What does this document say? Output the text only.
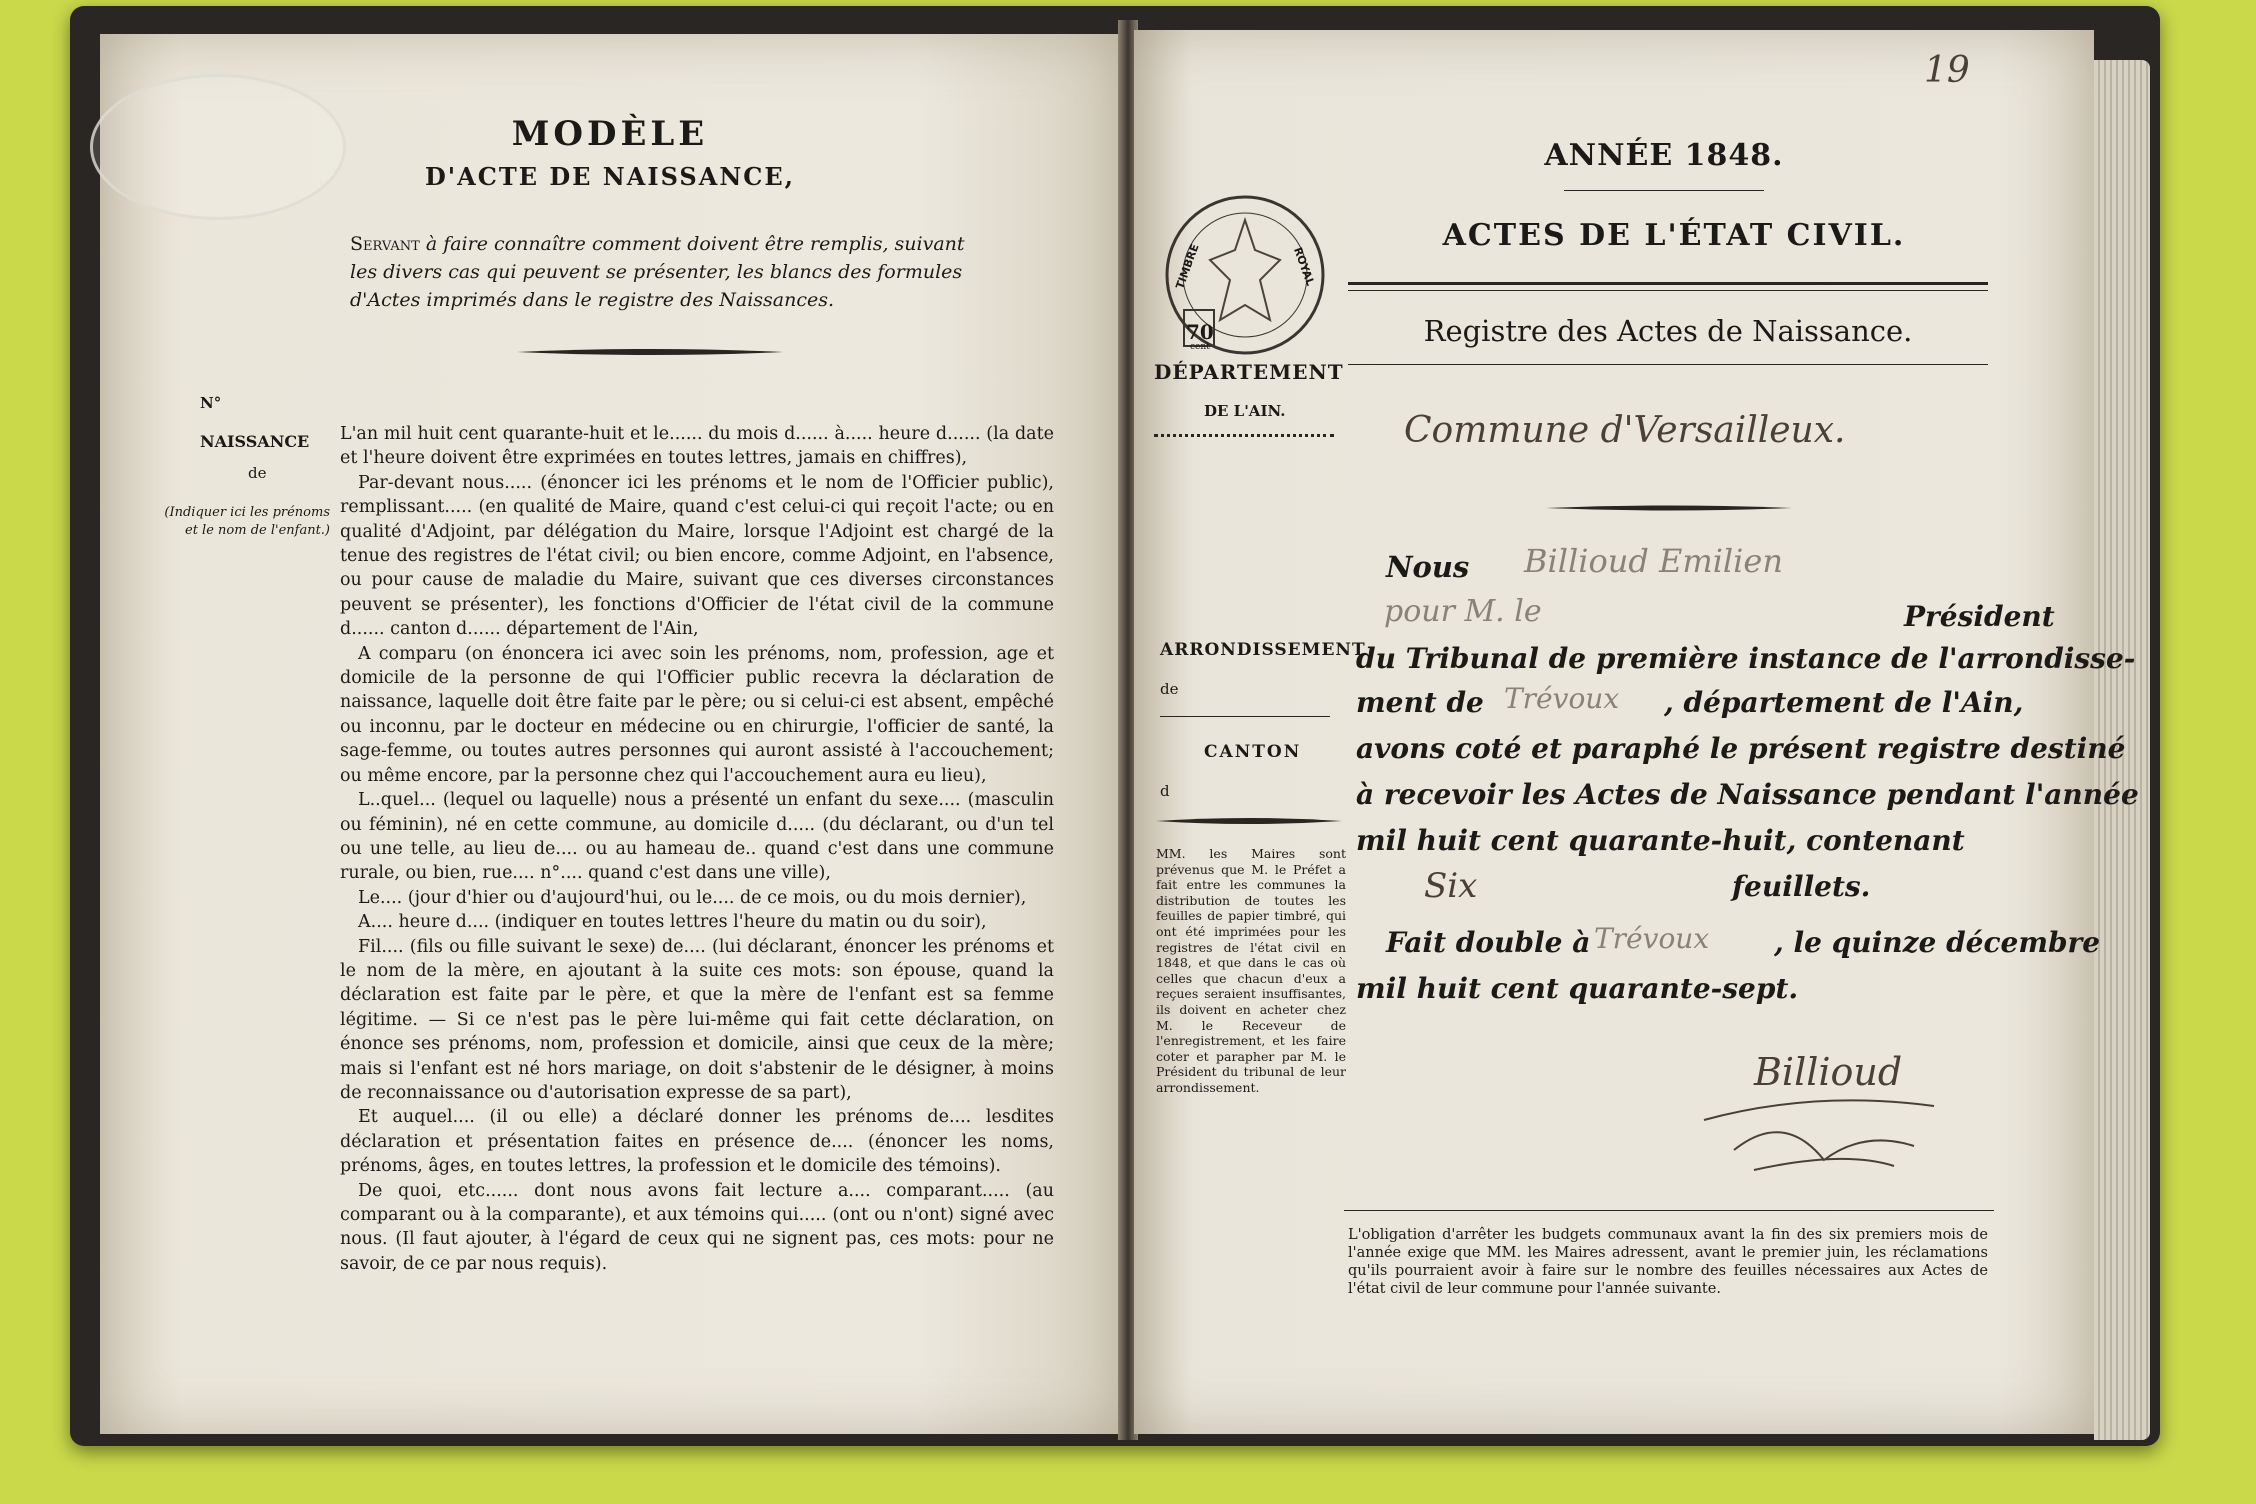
MODÈLE
D'ACTE DE NAISSANCE,
Servant à faire connaître comment doivent être remplis, suivant les divers cas qui peuvent se présenter, les blancs des formules d'Actes imprimés dans le registre des Naissances.
N°
NAISSANCE
de
(Indiquer ici les prénoms et le nom de l'enfant.)

L'an mil huit cent quarante-huit et le...... du mois d...... à..... heure d...... (la date et l'heure doivent être exprimées en toutes lettres, jamais en chiffres),

Par-devant nous..... (énoncer ici les prénoms et le nom de l'Officier public), remplissant..... (en qualité de Maire, quand c'est celui-ci qui reçoit l'acte; ou en qualité d'Adjoint, par délégation du Maire, lorsque l'Adjoint est chargé de la tenue des registres de l'état civil; ou bien encore, comme Adjoint, en l'absence, ou pour cause de maladie du Maire, suivant que ces diverses circonstances peuvent se présenter), les fonctions d'Officier de l'état civil de la commune d...... canton d...... département de l'Ain,

A comparu (on énoncera ici avec soin les prénoms, nom, profession, age et domicile de la personne de qui l'Officier public recevra la déclaration de naissance, laquelle doit être faite par le père; ou si celui-ci est absent, empêché ou inconnu, par le docteur en médecine ou en chirurgie, l'officier de santé, la sage-femme, ou toutes autres personnes qui auront assisté à l'accouchement; ou même encore, par la personne chez qui l'accouchement aura eu lieu),

L..quel... (lequel ou laquelle) nous a présenté un enfant du sexe.... (masculin ou féminin), né en cette commune, au domicile d..... (du déclarant, ou d'un tel ou une telle, au lieu de.... ou au hameau de.. quand c'est dans une commune rurale, ou bien, rue.... n°.... quand c'est dans une ville),

Le.... (jour d'hier ou d'aujourd'hui, ou le.... de ce mois, ou du mois dernier),

A.... heure d.... (indiquer en toutes lettres l'heure du matin ou du soir),

Fil.... (fils ou fille suivant le sexe) de.... (lui déclarant, énoncer les prénoms et le nom de la mère, en ajoutant à la suite ces mots: son épouse, quand la déclaration est faite par le père, et que la mère de l'enfant est sa femme légitime. — Si ce n'est pas le père lui-même qui fait cette déclaration, on énonce ses prénoms, nom, profession et domicile, ainsi que ceux de la mère; mais si l'enfant est né hors mariage, on doit s'abstenir de le désigner, à moins de reconnaissance ou d'autorisation expresse de sa part),

Et auquel.... (il ou elle) a déclaré donner les prénoms de.... lesdites déclaration et présentation faites en présence de.... (énoncer les noms, prénoms, âges, en toutes lettres, la profession et le domicile des témoins).

De quoi, etc...... dont nous avons fait lecture a.... comparant..... (au comparant ou à la comparante), et aux témoins qui..... (ont ou n'ont) signé avec nous. (Il faut ajouter, à l'égard de ceux qui ne signent pas, ces mots: pour ne savoir, de ce par nous requis).

19
ANNÉE 1848.
ACTES DE L'ÉTAT CIVIL.
Registre des Actes de Naissance.
TIMBRE	ROYAL
70
cent
DÉPARTEMENT
DE L'AIN.	Commune d'Versailleux.
Nous Billioud Emilien
pour M. le	Président
ARRONDISSEMENT
de
CANTON
d
du Tribunal de première instance de l'arrondisse-
ment de Trévoux , département de l'Ain,
avons coté et paraphé le présent registre destiné
à recevoir les Actes de Naissance pendant l'année
mil huit cent quarante-huit, contenant
Six	feuillets.
Fait double à Trévoux , le quinze décembre
mil huit cent quarante-sept.
MM. les Maires sont prévenus que M. le Préfet a fait entre les communes la distribution de toutes les feuilles de papier timbré, qui ont été imprimées pour les registres de l'état civil en 1848, et que dans le cas où celles que chacun d'eux a reçues seraient insuffisantes, ils doivent en acheter chez M. le Receveur de l'enregistrement, et les faire coter et parapher par M. le Président du tribunal de leur arrondissement.	Billioud
L'obligation d'arrêter les budgets communaux avant la fin des six premiers mois de l'année exige que MM. les Maires adressent, avant le premier juin, les réclamations qu'ils pourraient avoir à faire sur le nombre des feuilles nécessaires aux Actes de l'état civil de leur commune pour l'année suivante.
